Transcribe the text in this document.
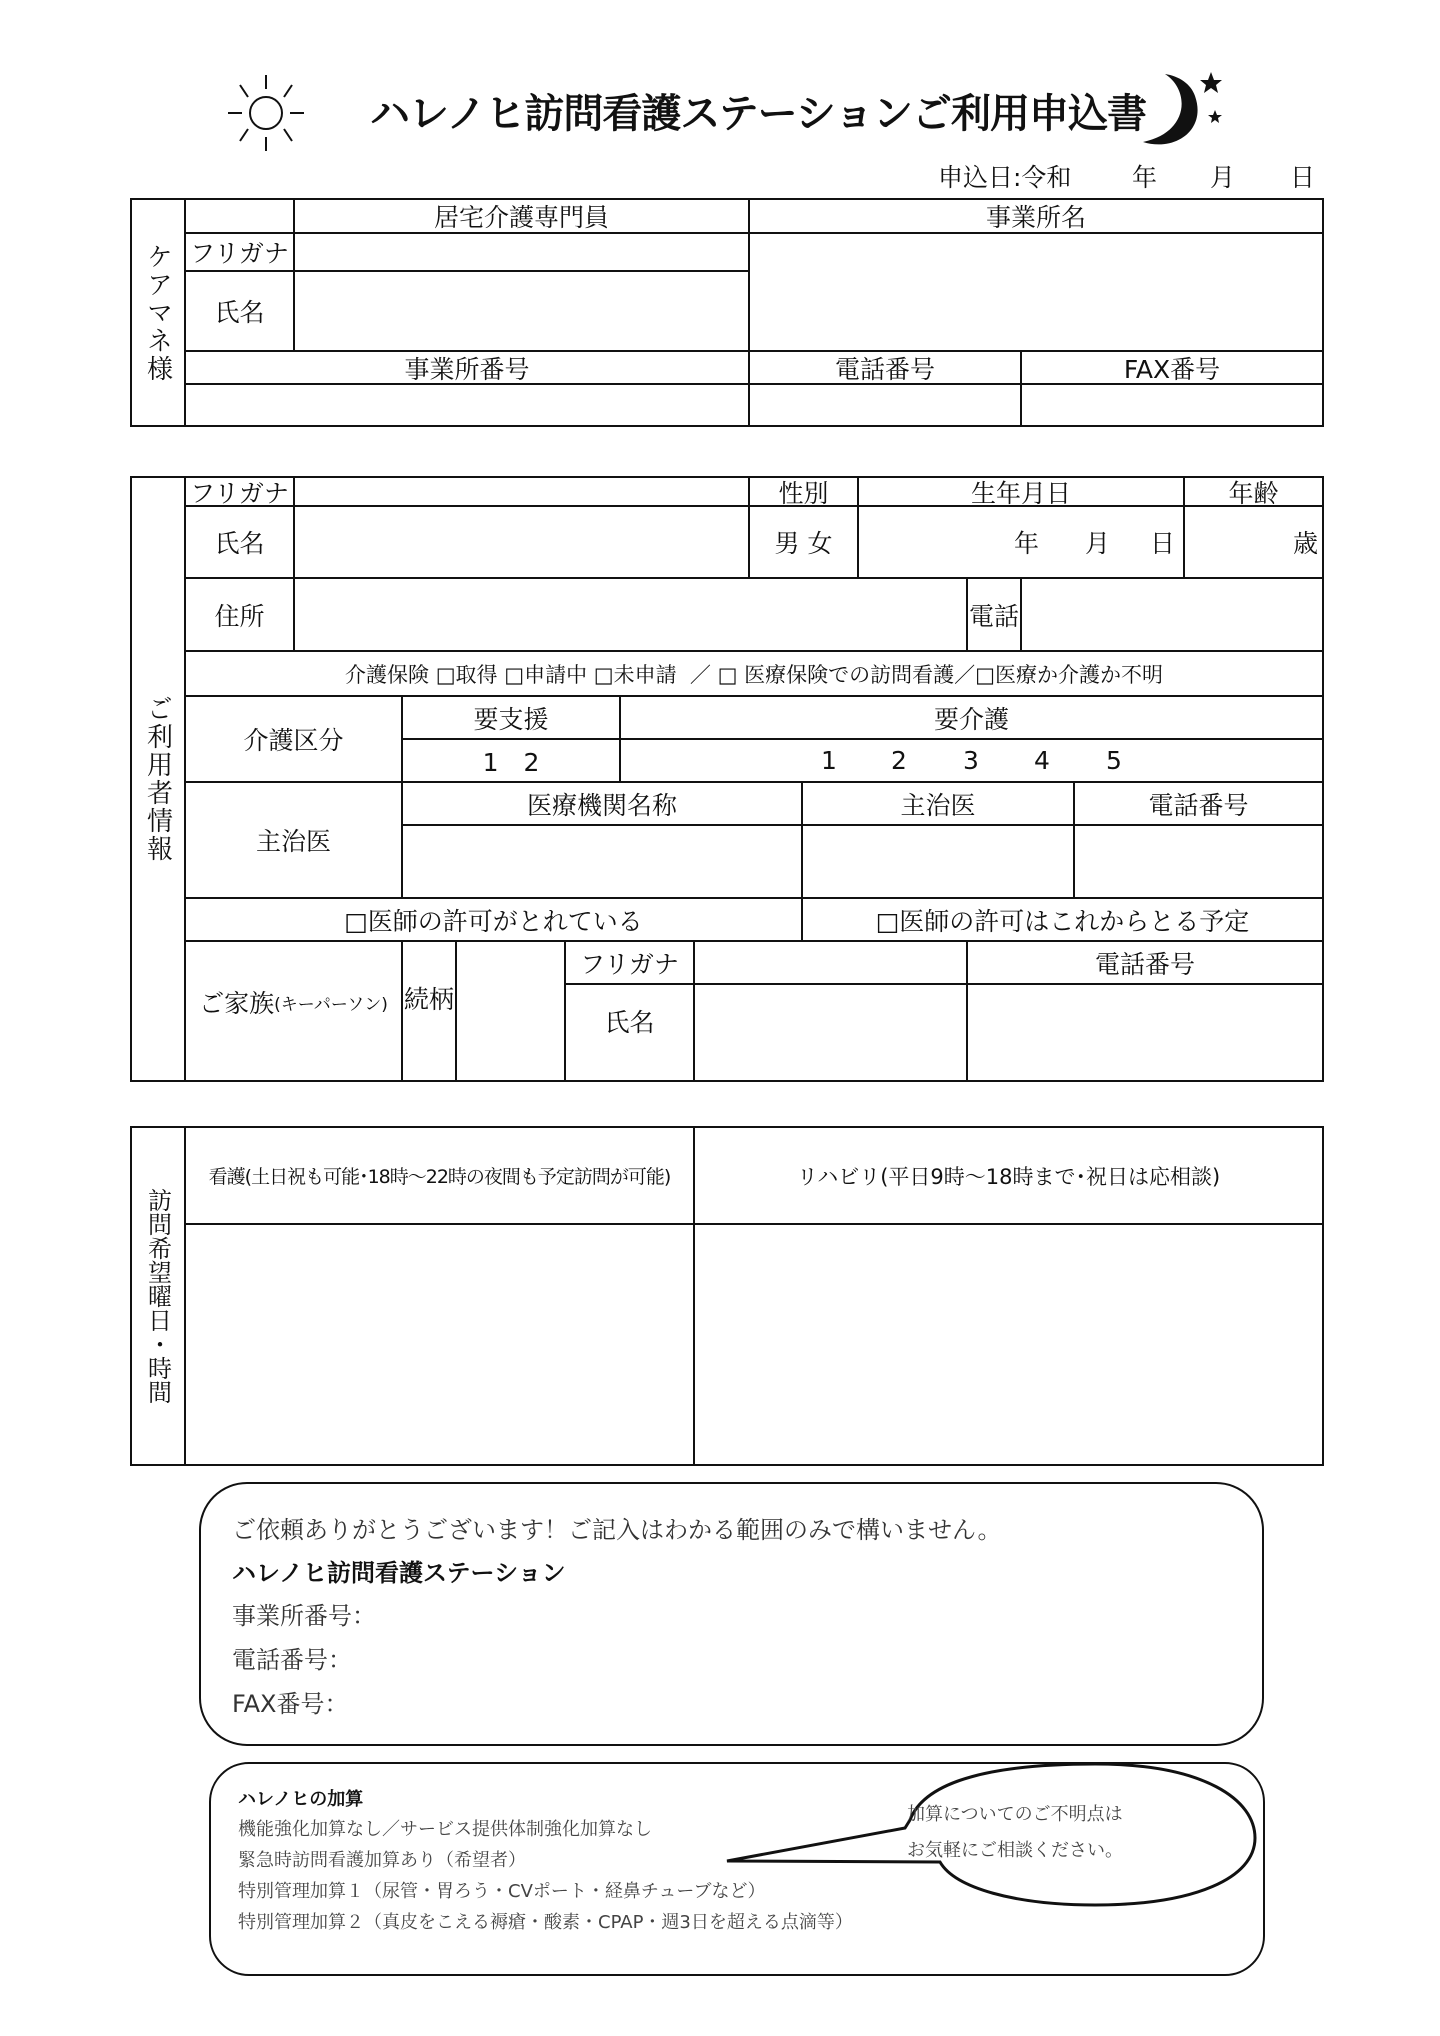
ハレノヒ訪問看護ステーションご利用申込書
申込日:令和 年 月 日
ケアマネ様
居宅介護専門員	事業所名
フリガナ
氏名
事業所番号	電話番号	FAX番号
ご利用者情報
フリガナ	性別	生年月日	年齢
氏名	男 女	年 月 日	歳
住所	電話
介護保険 □取得 □申請中 □未申請  ／ □ 医療保険での訪問看護／□医療か介護か不明
介護区分
要支援	要介護
1　2	1 2 3 4 5
主治医
医療機関名称	主治医	電話番号
□医師の許可がとれている	□医師の許可はこれからとる予定
ご家族 (キーパーソン) 続柄
フリガナ	電話番号
氏名
訪問希望曜日・時間
看護(土日祝も可能･18時～22時の夜間も予定訪問が可能)	リハビリ(平日9時～18時まで･祝日は応相談)
ご依頼ありがとうございます！ご記入はわかる範囲のみで構いません。
ハレノヒ訪問看護ステーション
事業所番号：
電話番号：
FAX番号：
ハレノヒの加算
機能強化加算なし／サービス提供体制強化加算なし
緊急時訪問看護加算あり（希望者）
特別管理加算１（尿管・胃ろう・CVポート・経鼻チューブなど）
特別管理加算２（真皮をこえる褥瘡・酸素・CPAP・週3日を超える点滴等）
加算についてのご不明点は
お気軽にご相談ください。
